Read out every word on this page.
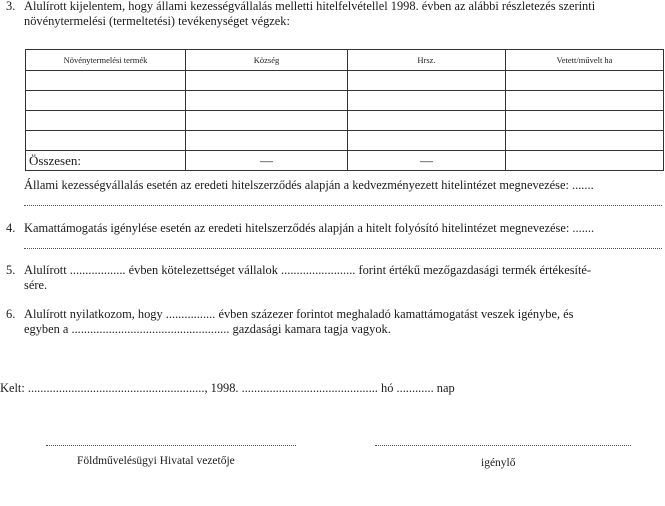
3. Alulírott kijelentem, hogy állami kezességvállalás melletti hitelfelvétellel 1998. évben az alábbi részletezés szerinti
növénytermelési (termeltetési) tevékenységet végzek:
Növénytermelési termék	Község	Hrsz.	Vetett/művelt ha

Összesen:	—	—	
Állami kezességvállalás esetén az eredeti hitelszerződés alapján a kedvezményezett hitelintézet megnevezése: .......
4. Kamattámogatás igénylése esetén az eredeti hitelszerződés alapján a hitelt folyósító hitelintézet megnevezése: .......
5. Alulírott .................. évben kötelezettséget vállalok ........................ forint értékű mezőgazdasági termék értékesíté-
sére.
6. Alulírott nyilatkozom, hogy ................ évben százezer forintot meghaladó kamattámogatást veszek igénybe, és
egyben a ................................................... gazdasági kamara tagja vagyok.
Kelt: ........................................................., 1998. ............................................ hó ............ nap
Földművelésügyi Hivatal vezetője	igénylő
